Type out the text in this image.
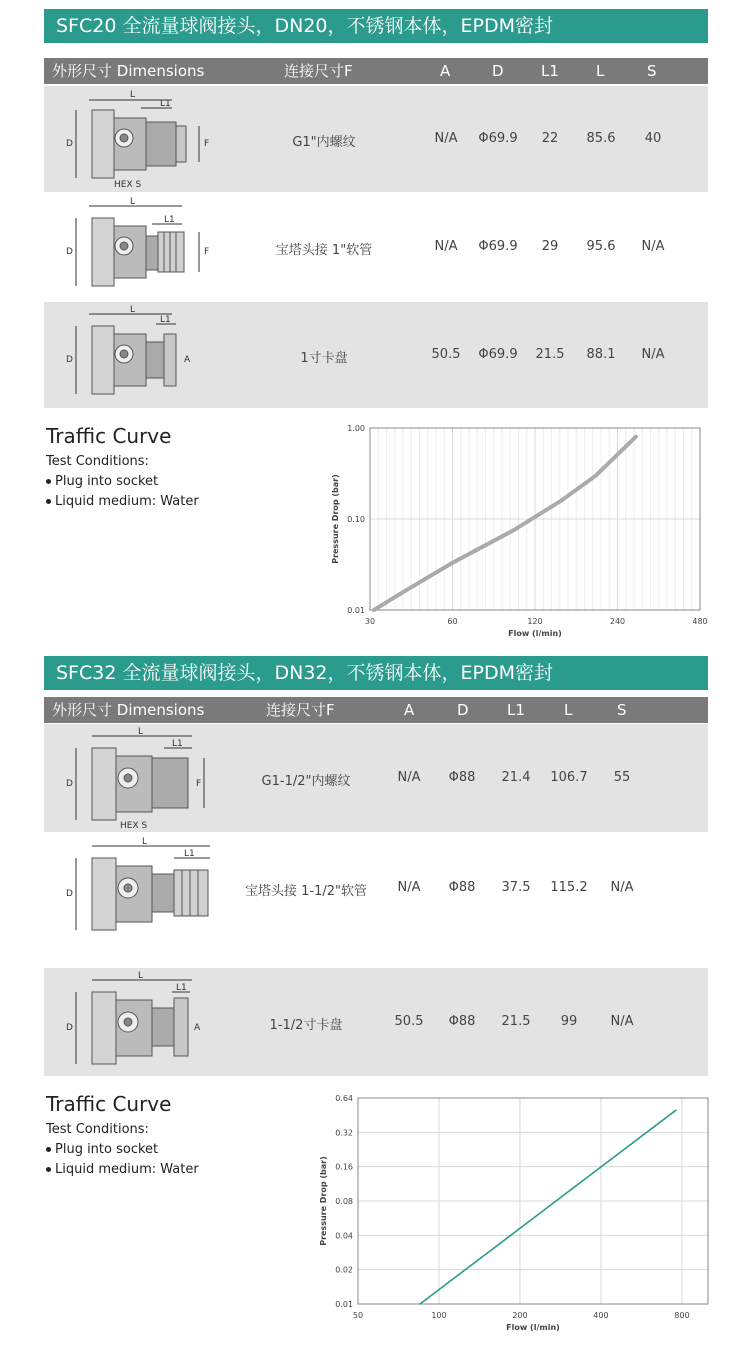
SFC20 全流量球阀接头，DN20，不锈钢本体，EPDM密封
外形尺寸 Dimensions	连接尺寸F	A	D L1 L	S
L
L1
D	F
HEX S
G1"内螺纹	N/A Φ69.9 22 85.6 40
L
L1
D	F	宝塔头接 1"软管	N/A Φ69.9 29 95.6 N/A
L
L1
D	A	1寸卡盘	50.5 Φ69.9 21.5 88.1 N/A
Traffic Curve
Test Conditions:
Plug into socket
Liquid medium: Water
30	60	120	240	480
0.01
0.10
1.00
Flow (l/min)
Pressure Drop (bar)
SFC32 全流量球阀接头，DN32，不锈钢本体，EPDM密封
外形尺寸 Dimensions	连接尺寸F	A	D	L1	L	S
L
L1
D	F
HEX S
G1-1/2"内螺纹	N/A Φ88 21.4 106.7 55
L
L1
D	宝塔头接 1-1/2"软管 N/A Φ88 37.5 115.2 N/A
L
L1
D	A	1-1/2寸卡盘	50.5 Φ88 21.5 99	N/A
Traffic Curve
Test Conditions:
Plug into socket
Liquid medium: Water
50	100	200	400	800
0.01
0.02
0.04
0.08
0.16
0.32
0.64
Flow (l/min)
Pressure Drop (bar)
